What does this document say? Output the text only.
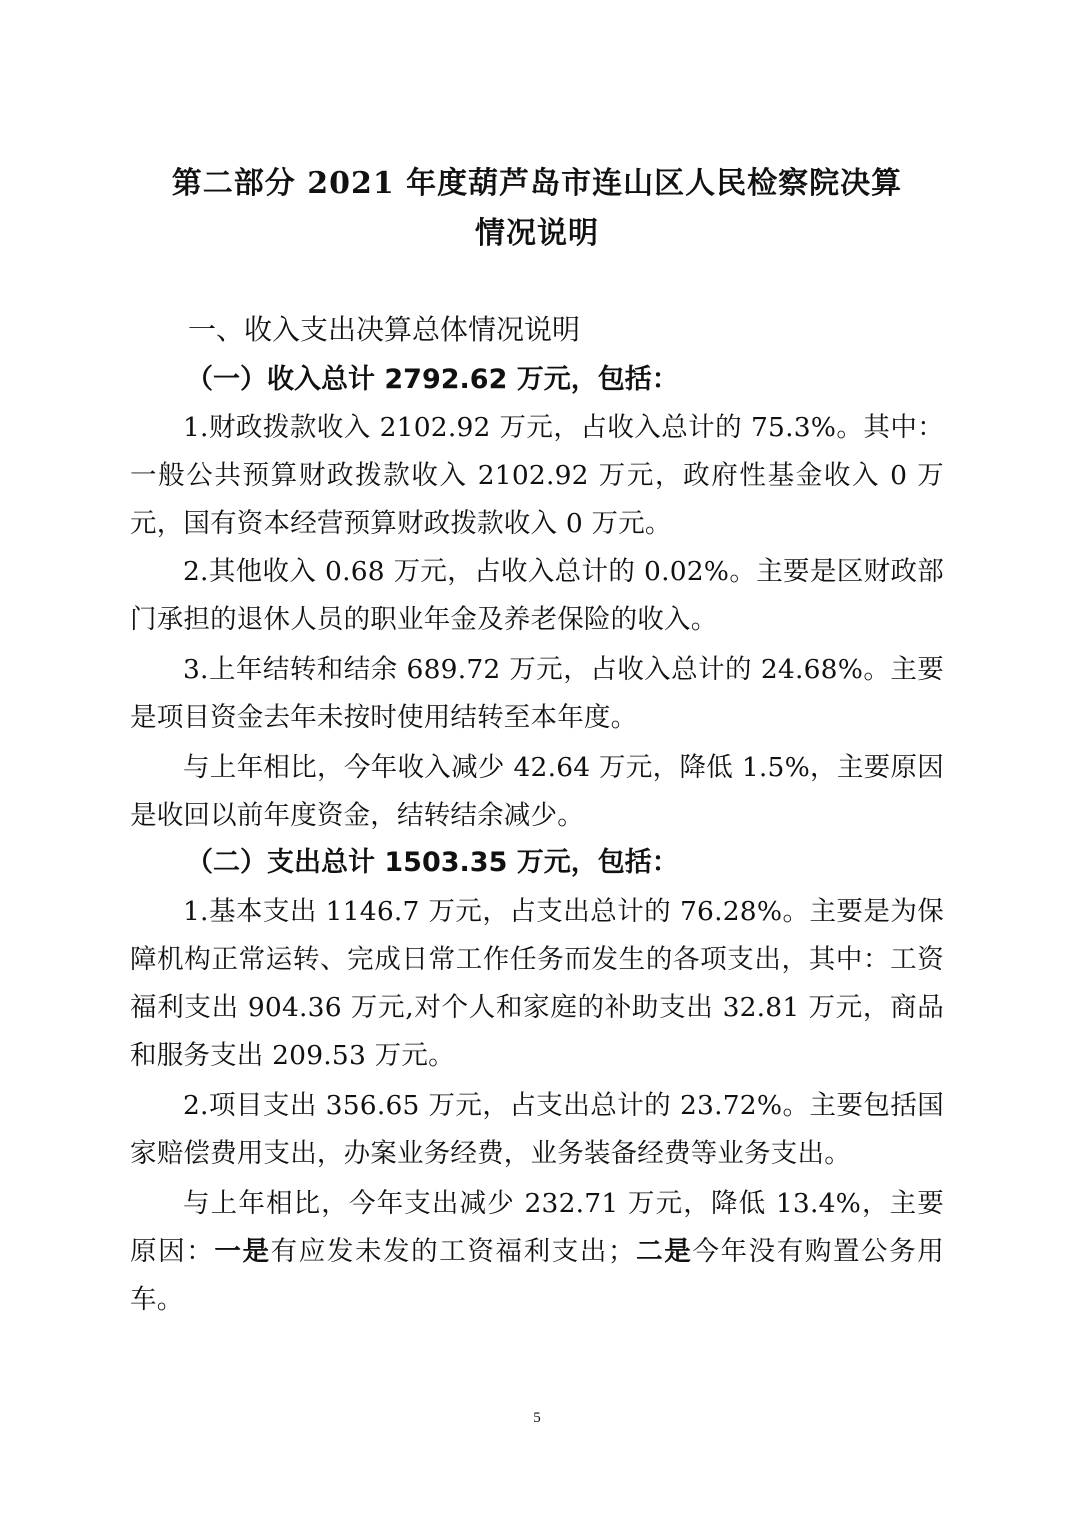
第二部分 2021 年度葫芦岛市连山区人民检察院决算
情况说明
一、收入支出决算总体情况说明
（一）收入总计 2792.62 万元，包括：

1.财政拨款收入 2102.92 万元，占收入总计的 75.3%。其中：一般公共预算财政拨款收入 2102.92 万元，政府性基金收入 0 万元，国有资本经营预算财政拨款收入 0 万元。

2.其他收入 0.68 万元，占收入总计的 0.02%。主要是区财政部门承担的退休人员的职业年金及养老保险的收入。

3.上年结转和结余 689.72 万元，占收入总计的 24.68%。主要是项目资金去年未按时使用结转至本年度。

与上年相比，今年收入减少 42.64 万元，降低 1.5%，主要原因是收回以前年度资金，结转结余减少。

（二）支出总计 1503.35 万元，包括：

1.基本支出 1146.7 万元，占支出总计的 76.28%。主要是为保障机构正常运转、完成日常工作任务而发生的各项支出，其中：工资福利支出 904.36 万元,对个人和家庭的补助支出 32.81 万元，商品和服务支出 209.53 万元。

2.项目支出 356.65 万元，占支出总计的 23.72%。主要包括国家赔偿费用支出，办案业务经费，业务装备经费等业务支出。

与上年相比，今年支出减少 232.71 万元，降低 13.4%，主要原因：一是有应发未发的工资福利支出；二是今年没有购置公务用车。

5
